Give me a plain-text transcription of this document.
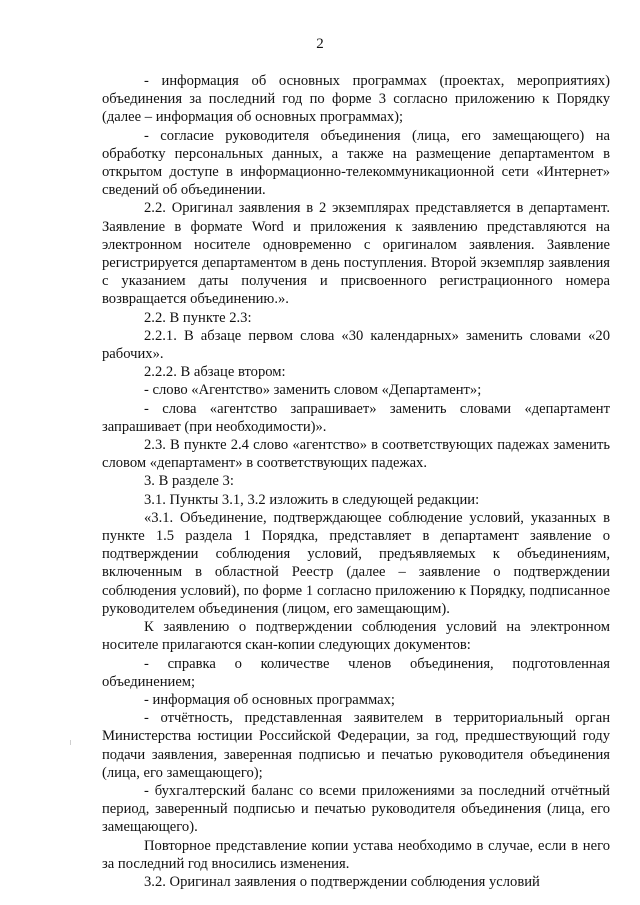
2

- информация об основных программах (проектах, мероприятиях) объединения за последний год по форме 3 согласно приложению к Порядку (далее – информация об основных программах);

- согласие руководителя объединения (лица, его замещающего) на обработку персональных данных, а также на размещение департаментом в открытом доступе в информационно-телекоммуникационной сети «Интернет» сведений об объединении.

2.2. Оригинал заявления в 2 экземплярах представляется в департамент. Заявление в формате Word и приложения к заявлению представляются на электронном носителе одновременно с оригиналом заявления. Заявление регистрируется департаментом в день поступления. Второй экземпляр заявления с указанием даты получения и присвоенного регистрационного номера возвращается объединению.».

2.2. В пункте 2.3:

2.2.1. В абзаце первом слова «30 календарных» заменить словами «20 рабочих».

2.2.2. В абзаце втором:

- слово «Агентство» заменить словом «Департамент»;

- слова «агентство запрашивает» заменить словами «департамент запрашивает (при необходимости)».

2.3. В пункте 2.4 слово «агентство» в соответствующих падежах заменить словом «департамент» в соответствующих падежах.

3. В разделе 3:

3.1. Пункты 3.1, 3.2 изложить в следующей редакции:

«3.1. Объединение, подтверждающее соблюдение условий, указанных в пункте 1.5 раздела 1 Порядка, представляет в департамент заявление о подтверждении соблюдения условий, предъявляемых к объединениям, включенным в областной Реестр (далее – заявление о подтверждении соблюдения условий), по форме 1 согласно приложению к Порядку, подписанное руководителем объединения (лицом, его замещающим).

К заявлению о подтверждении соблюдения условий на электронном носителе прилагаются скан-копии следующих документов:

- справка о количестве членов объединения, подготовленная объединением;

- информация об основных программах;

- отчётность, представленная заявителем в территориальный орган Министерства юстиции Российской Федерации, за год, предшествующий году подачи заявления, заверенная подписью и печатью руководителя объединения (лица, его замещающего);

- бухгалтерский баланс со всеми приложениями за последний отчётный период, заверенный подписью и печатью руководителя объединения (лица, его замещающего).

Повторное представление копии устава необходимо в случае, если в него за последний год вносились изменения.

3.2. Оригинал заявления о подтверждении соблюдения условий
